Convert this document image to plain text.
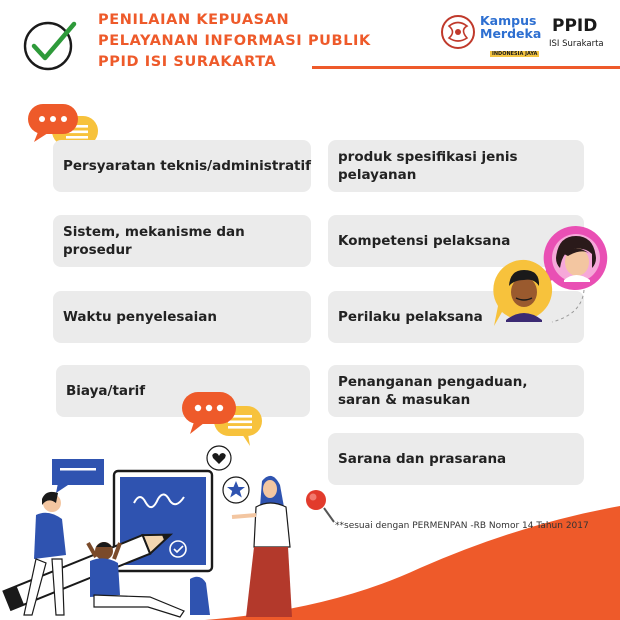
PENILAIAN KEPUASAN
PELAYANAN INFORMASI PUBLIK
PPID ISI SURAKARTA
Kampus
Merdeka
INDONESIA JAYA
PPID
ISI Surakarta
Persyaratan teknis/administratif
Sistem, mekanisme dan prosedur
Waktu penyelesaian
Biaya/tarif
produk spesifikasi jenis pelayanan
Kompetensi pelaksana
Perilaku pelaksana
Penanganan pengaduan, saran & masukan
Sarana dan prasarana
**sesuai dengan PERMENPAN -RB Nomor 14 Tahun 2017
